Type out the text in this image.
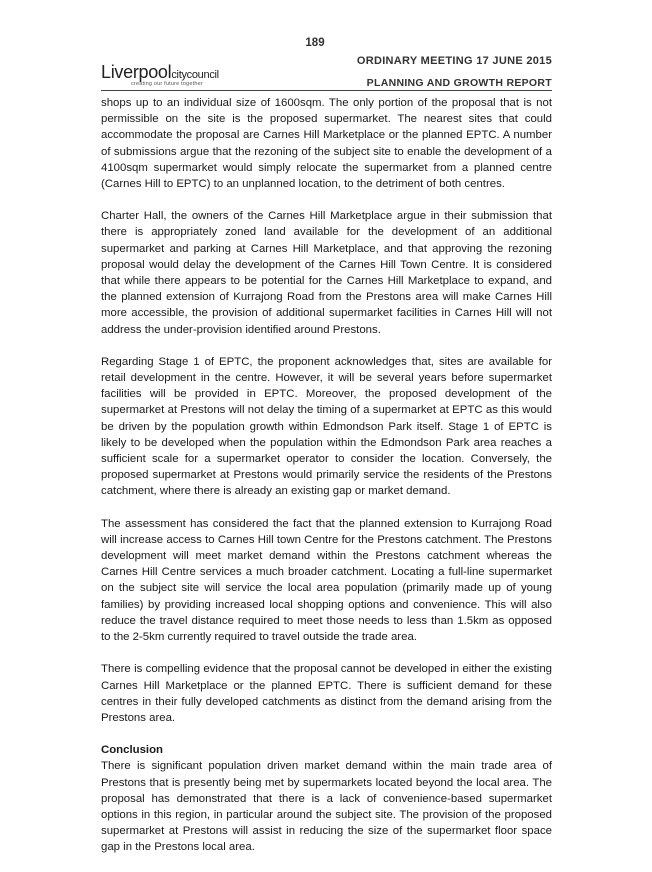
189
Liverpoolcitycouncil
creating our future together
ORDINARY MEETING 17 JUNE 2015
PLANNING AND GROWTH REPORT

shops up to an individual size of 1600sqm. The only portion of the proposal that is not permissible on the site is the proposed supermarket. The nearest sites that could accommodate the proposal are Carnes Hill Marketplace or the planned EPTC. A number of submissions argue that the rezoning of the subject site to enable the development of a 4100sqm supermarket would simply relocate the supermarket from a planned centre (Carnes Hill to EPTC) to an unplanned location, to the detriment of both centres.

Charter Hall, the owners of the Carnes Hill Marketplace argue in their submission that there is appropriately zoned land available for the development of an additional supermarket and parking at Carnes Hill Marketplace, and that approving the rezoning proposal would delay the development of the Carnes Hill Town Centre. It is considered that while there appears to be potential for the Carnes Hill Marketplace to expand, and the planned extension of Kurrajong Road from the Prestons area will make Carnes Hill more accessible, the provision of additional supermarket facilities in Carnes Hill will not address the under-provision identified around Prestons.

Regarding Stage 1 of EPTC, the proponent acknowledges that, sites are available for retail development in the centre. However, it will be several years before supermarket facilities will be provided in EPTC. Moreover, the proposed development of the supermarket at Prestons will not delay the timing of a supermarket at EPTC as this would be driven by the population growth within Edmondson Park itself. Stage 1 of EPTC is likely to be developed when the population within the Edmondson Park area reaches a sufficient scale for a supermarket operator to consider the location. Conversely, the proposed supermarket at Prestons would primarily service the residents of the Prestons catchment, where there is already an existing gap or market demand.

The assessment has considered the fact that the planned extension to Kurrajong Road will increase access to Carnes Hill town Centre for the Prestons catchment. The Prestons development will meet market demand within the Prestons catchment whereas the Carnes Hill Centre services a much broader catchment. Locating a full-line supermarket on the subject site will service the local area population (primarily made up of young families) by providing increased local shopping options and convenience. This will also reduce the travel distance required to meet those needs to less than 1.5km as opposed to the 2-5km currently required to travel outside the trade area.

There is compelling evidence that the proposal cannot be developed in either the existing Carnes Hill Marketplace or the planned EPTC. There is sufficient demand for these centres in their fully developed catchments as distinct from the demand arising from the Prestons area.

Conclusion

There is significant population driven market demand within the main trade area of Prestons that is presently being met by supermarkets located beyond the local area. The proposal has demonstrated that there is a lack of convenience-based supermarket options in this region, in particular around the subject site. The provision of the proposed supermarket at Prestons will assist in reducing the size of the supermarket floor space gap in the Prestons local area.
